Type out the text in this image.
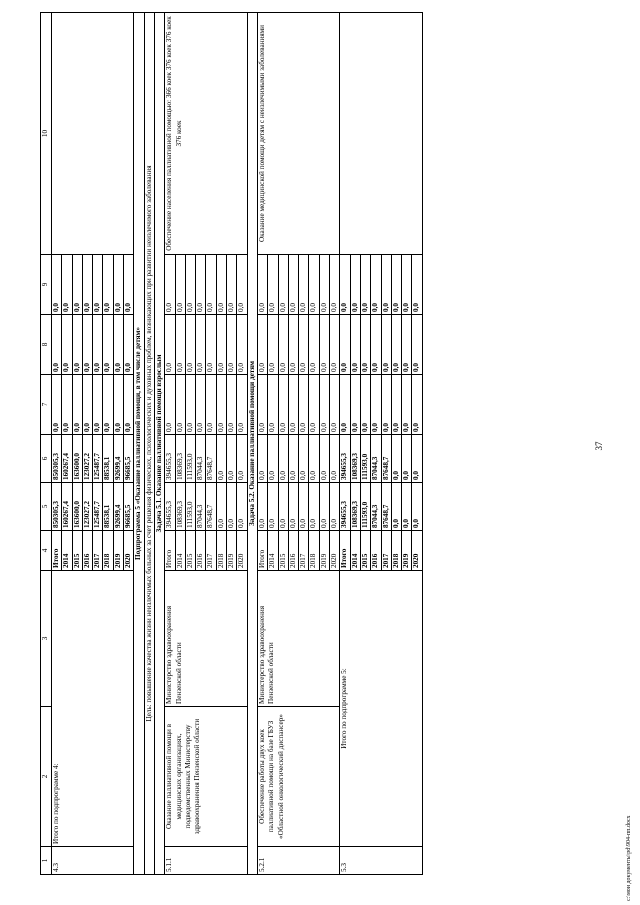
37
1	2	3	4	5	6	7	8	9	10
4.3	Итого по подпрограмме 4:		Итого	850305,3	850305,3	0,0	0,0	0,0	
			2014	160267,4	160267,4	0,0	0,0	0,0	
			2015	163600,0	163600,0	0,0	0,0	0,0	
			2016	123027,2	123027,2	0,0	0,0	0,0	
			2017	125487,7	125487,7	0,0	0,0	0,0	
			2018	88538,1	88538,1	0,0	0,0	0,0	
			2019	92699,4	92699,4	0,0	0,0	0,0	
			2020	96685,5	96685,5	0,0	0,0	0,0	
Подпрограмма 5 «Оказание паллиативной помощи, в том числе детям»									
Цель: повышение качества жизни неизлечимых больных за счет решения физических, психологических и духовных проблем, возникающих при развитии неизлечимого заболевания									
Задача 5.1. Оказание паллиативной помощи взрослым									
5.1.1	Оказание паллиативной помощи в медицинских организациях, подведомственных Министерству здравоохранения Пензенской области	Министерство здравоохранения Пензенской области	Итого	394655,3	394655,3	0,0	0,0	0,0	Обеспечение населения паллиативной помощью: 366 коек 376 коек 376 коек 376 коек
			2014	108369,3	108369,3	0,0	0,0	0,0	
			2015	111593,0	111593,0	0,0	0,0	0,0	
			2016	87044,3	87044,3	0,0	0,0	0,0	
			2017	87648,7	87648,7	0,0	0,0	0,0	
			2018	0,0	0,0	0,0	0,0	0,0	
			2019	0,0	0,0	0,0	0,0	0,0	
			2020	0,0	0,0	0,0	0,0	0,0	
Задача 5.2. Оказание паллиативной помощи детям									
5.2.1	Обеспечение работы двух коек паллиативной помощи на базе ГБУЗ «Областной онкологический диспансер»	Министерство здравоохранения Пензенской области	Итого	0,0	0,0	0,0	0,0	0,0	Оказание медицинской помощи детям с неизлечимыми заболеваниями
			2014	0,0	0,0	0,0	0,0	0,0	
			2015	0,0	0,0	0,0	0,0	0,0	
			2016	0,0	0,0	0,0	0,0	0,0	
			2017	0,0	0,0	0,0	0,0	0,0	
			2018	0,0	0,0	0,0	0,0	0,0	
			2019	0,0	0,0	0,0	0,0	0,0	
			2020	0,0	0,0	0,0	0,0	0,0	
5.3	Итого по подпрограмме 5:		Итого	394655,3	394655,3	0,0	0,0	0,0	
			2014	108369,3	108369,3	0,0	0,0	0,0	
			2015	111593,0	111593,0	0,0	0,0	0,0	
			2016	87044,3	87044,3	0,0	0,0	0,0	
			2017	87648,7	87648,7	0,0	0,0	0,0	
			2018	0,0	0,0	0,0	0,0	0,0	
			2019	0,0	0,0	0,0	0,0	0,0	
			2020	0,0	0,0	0,0	0,0	0,0	
c:\мои документы\pd\904-пп.docx
